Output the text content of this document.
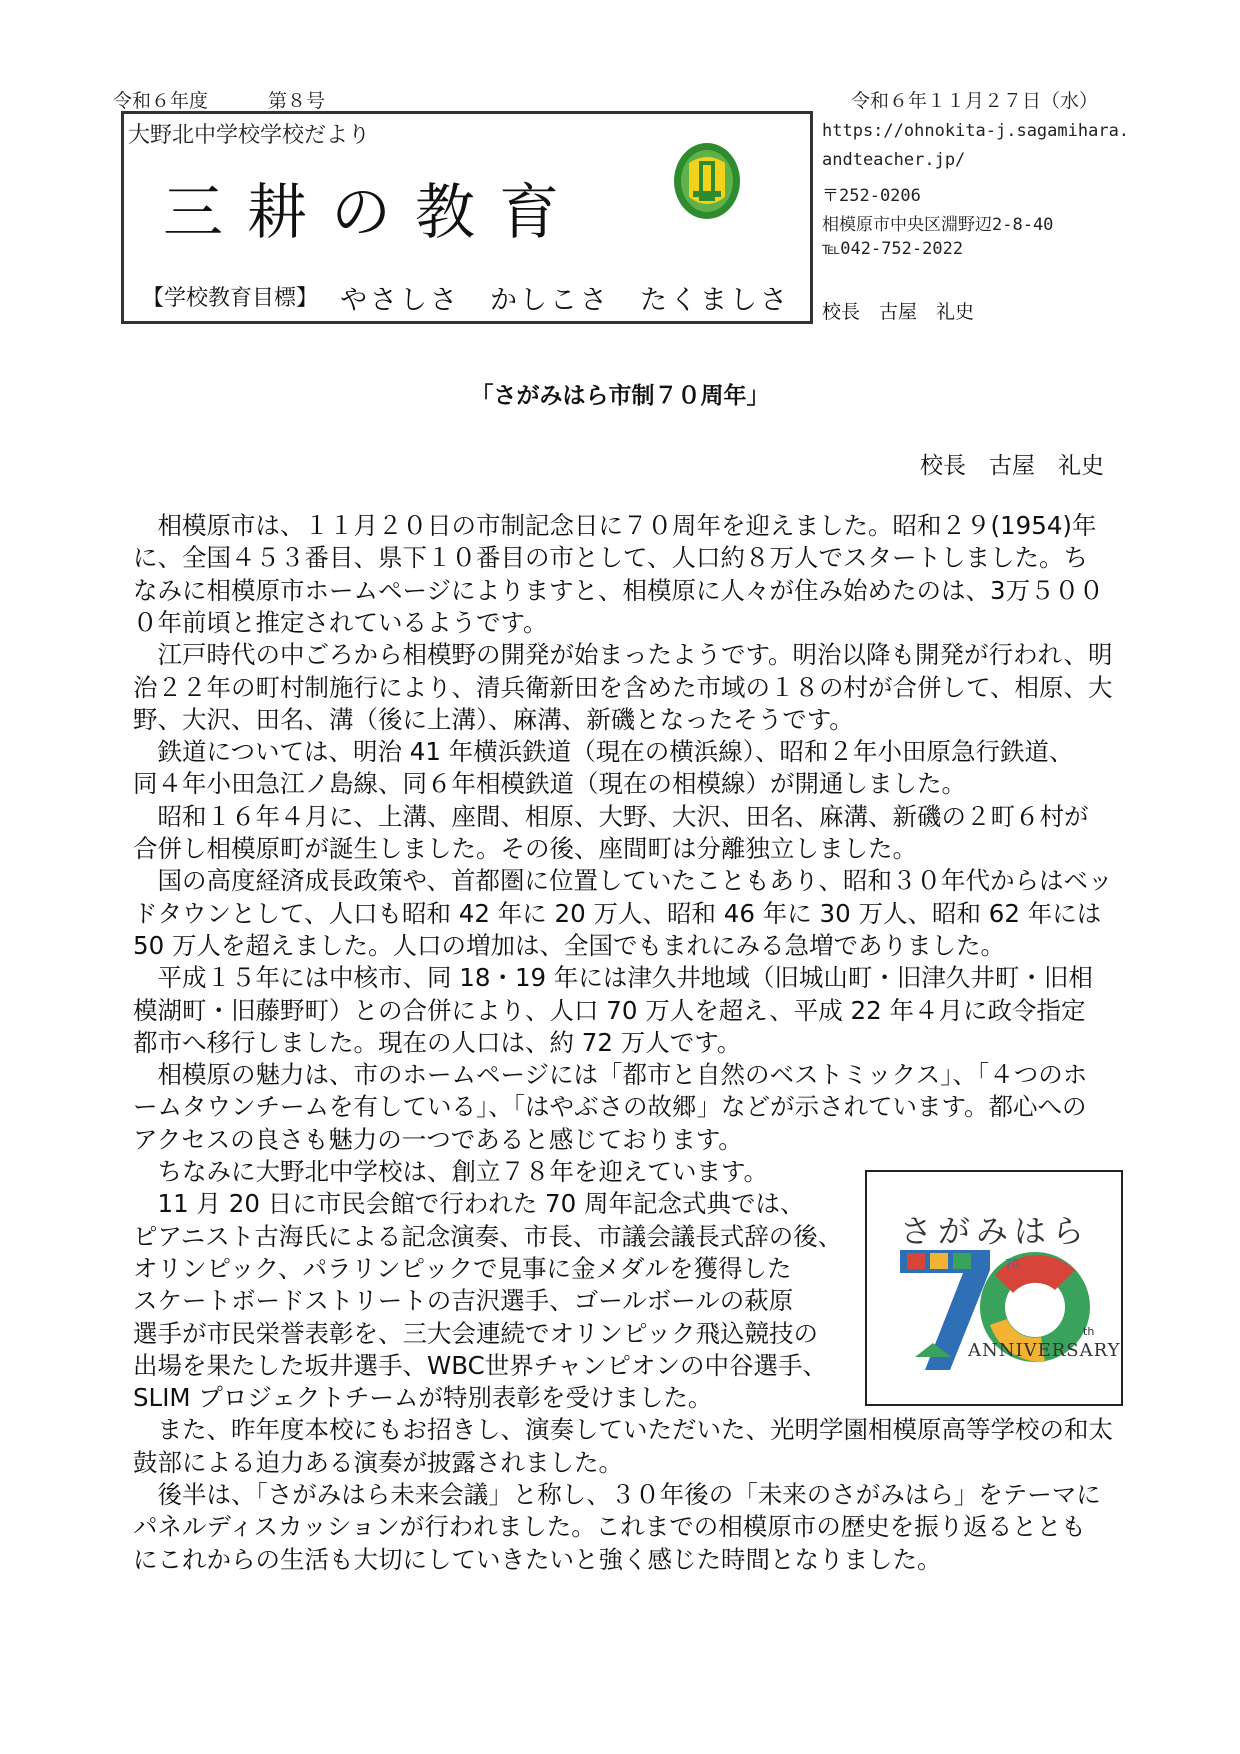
令和６年度	第８号	令和６年１１月２７日（水）
大野北中学校学校だより
三耕の教育
【学校教育目標】 やさしさ　かしこさ　たくましさ
https://ohnokita-j.sagamihara.
andteacher.jp/
〒252-0206
相模原市中央区淵野辺2-8-40
℡042-752-2022
校長　古屋　礼史
「さがみはら市制７０周年」
校長　古屋　礼史
　相模原市は、１１月２０日の市制記念日に７０周年を迎えました。昭和２９(1954)年
に、全国４５３番目、県下１０番目の市として、人口約８万人でスタートしました。ち
なみに相模原市ホームページによりますと、相模原に人々が住み始めたのは、3万５００
０年前頃と推定されているようです。
　江戸時代の中ごろから相模野の開発が始まったようです。明治以降も開発が行われ、明
治２２年の町村制施行により、清兵衛新田を含めた市域の１８の村が合併して、相原、大
野、大沢、田名、溝（後に上溝）、麻溝、新磯となったそうです。
　鉄道については、明治 41 年横浜鉄道（現在の横浜線）、昭和２年小田原急行鉄道、
同４年小田急江ノ島線、同６年相模鉄道（現在の相模線）が開通しました。
　昭和１６年４月に、上溝、座間、相原、大野、大沢、田名、麻溝、新磯の２町６村が
合併し相模原町が誕生しました。その後、座間町は分離独立しました。
　国の高度経済成長政策や、首都圏に位置していたこともあり、昭和３０年代からはベッ
ドタウンとして、人口も昭和 42 年に 20 万人、昭和 46 年に 30 万人、昭和 62 年には
50 万人を超えました。人口の増加は、全国でもまれにみる急増でありました。
　平成１５年には中核市、同 18・19 年には津久井地域（旧城山町・旧津久井町・旧相
模湖町・旧藤野町）との合併により、人口 70 万人を超え、平成 22 年４月に政令指定
都市へ移行しました。現在の人口は、約 72 万人です。
　相模原の魅力は、市のホームページには「都市と自然のベストミックス」、「４つのホ
ームタウンチームを有している」、「はやぶさの故郷」などが示されています。都心への
アクセスの良さも魅力の一つであると感じております。
　ちなみに大野北中学校は、創立７８年を迎えています。
　11 月 20 日に市民会館で行われた 70 周年記念式典では、
ピアニスト古海氏による記念演奏、市長、市議会議長式辞の後、
オリンピック、パラリンピックで見事に金メダルを獲得した
スケートボードストリートの吉沢選手、ゴールボールの萩原
選手が市民栄誉表彰を、三大会連続でオリンピック飛込競技の
出場を果たした坂井選手、WBC世界チャンピオンの中谷選手、
SLIM プロジェクトチームが特別表彰を受けました。
　また、昨年度本校にもお招きし、演奏していただいた、光明学園相模原高等学校の和太
鼓部による迫力ある演奏が披露されました。
　後半は、「さがみはら未来会議」と称し、３０年後の「未来のさがみはら」をテーマに
パネルディスカッションが行われました。これまでの相模原市の歴史を振り返るととも
にこれからの生活も大切にしていきたいと強く感じた時間となりました。
さがみはら
70
th
ANNIVERSARY
